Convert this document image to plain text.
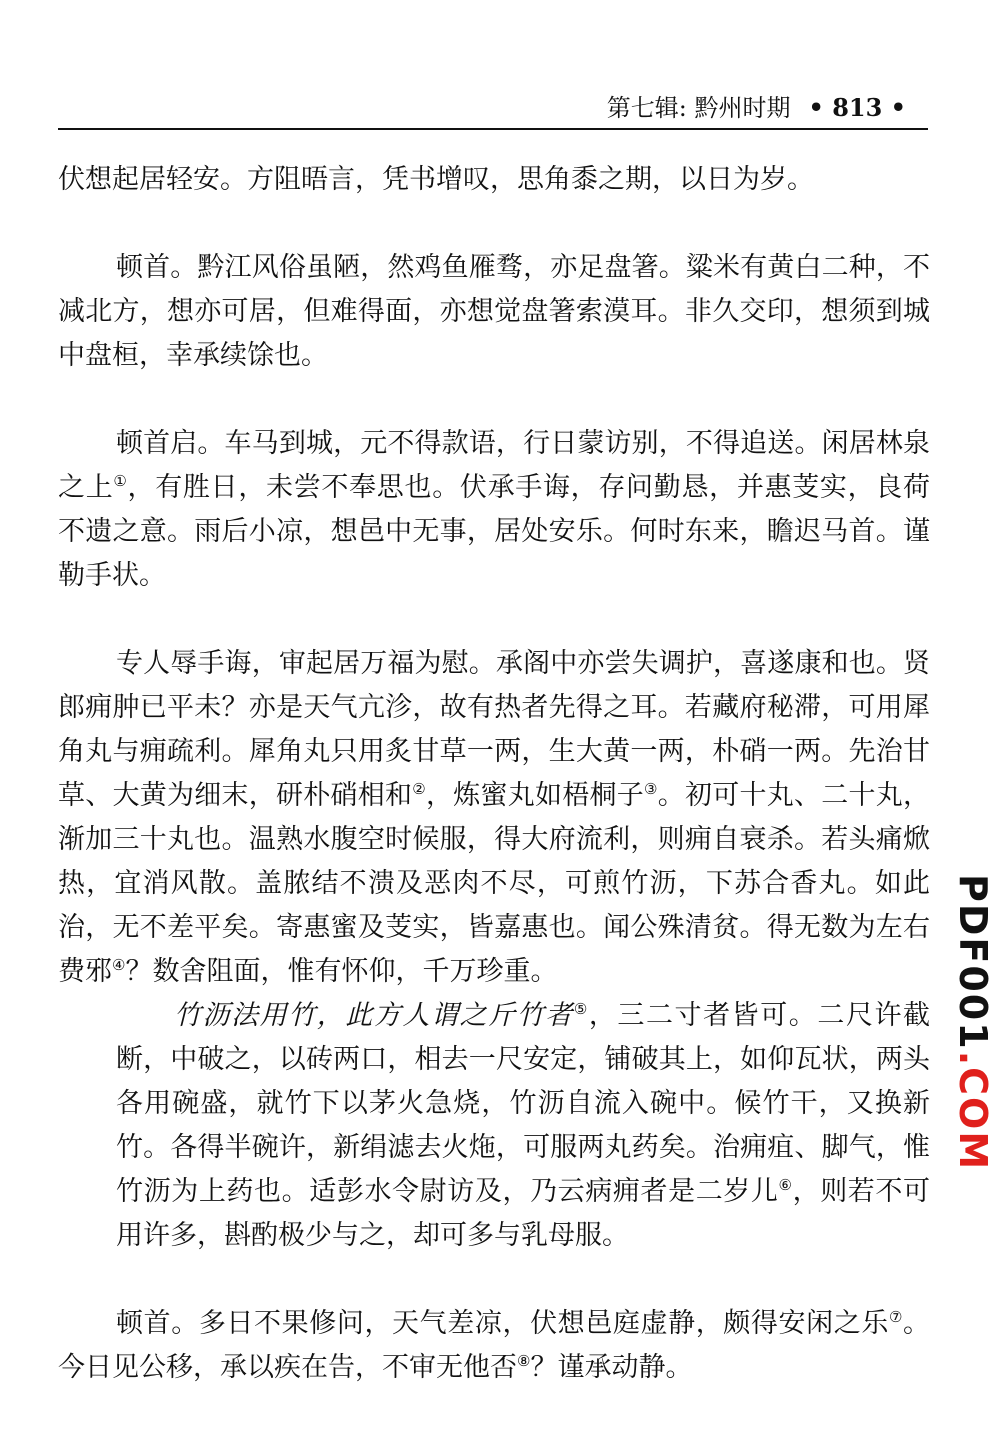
第七辑: 黔州时期 • 813 •

伏想起居轻安。方阻晤言，凭书增叹，思角黍之期，以日为岁。

顿首。黔江风俗虽陋，然鸡鱼雁骛，亦足盘箸。粱米有黄白二种，不减北方，想亦可居，但难得面，亦想觉盘箸索漠耳。非久交印，想须到城中盘桓，幸承续馀也。

顿首启。车马到城，元不得款语，行日蒙访别，不得追送。闲居林泉之上①，有胜日，未尝不奉思也。伏承手诲，存问勤恳，并惠芰实，良荷不遗之意。雨后小凉，想邑中无事，居处安乐。何时东来，瞻迟马首。谨勒手状。

专人辱手诲，审起居万福为慰。承阁中亦尝失调护，喜遂康和也。贤郎痈肿已平未？亦是天气亢沴，故有热者先得之耳。若藏府秘滞，可用犀角丸与痈疏利。犀角丸只用炙甘草一两，生大黄一两，朴硝一两。先治甘草、大黄为细末，研朴硝相和②，炼蜜丸如梧桐子③。初可十丸、二十丸，渐加三十丸也。温熟水腹空时候服，得大府流利，则痈自衰杀。若头痛焮热，宜消风散。盖脓结不溃及恶肉不尽，可煎竹沥，下苏合香丸。如此治，无不差平矣。寄惠蜜及芰实，皆嘉惠也。闻公殊清贫。得无数为左右费邪④？数舍阻面，惟有怀仰，千万珍重。

竹沥法用竹，此方人谓之斤竹者⑤，三二寸者皆可。二尺许截断，中破之，以砖两口，相去一尺安定，铺破其上，如仰瓦状，两头各用碗盛，就竹下以茅火急烧，竹沥自流入碗中。候竹干，又换新竹。各得半碗许，新绢滤去火炧，可服两丸药矣。治痈疽、脚气，惟竹沥为上药也。适彭水令尉访及，乃云病痈者是二岁儿⑥，则若不可用许多，斟酌极少与之，却可多与乳母服。

顿首。多日不果修问，天气差凉，伏想邑庭虚静，颇得安闲之乐⑦。今日见公移，承以疾在告，不审无他否⑧？谨承动静。

PDF001.COM
